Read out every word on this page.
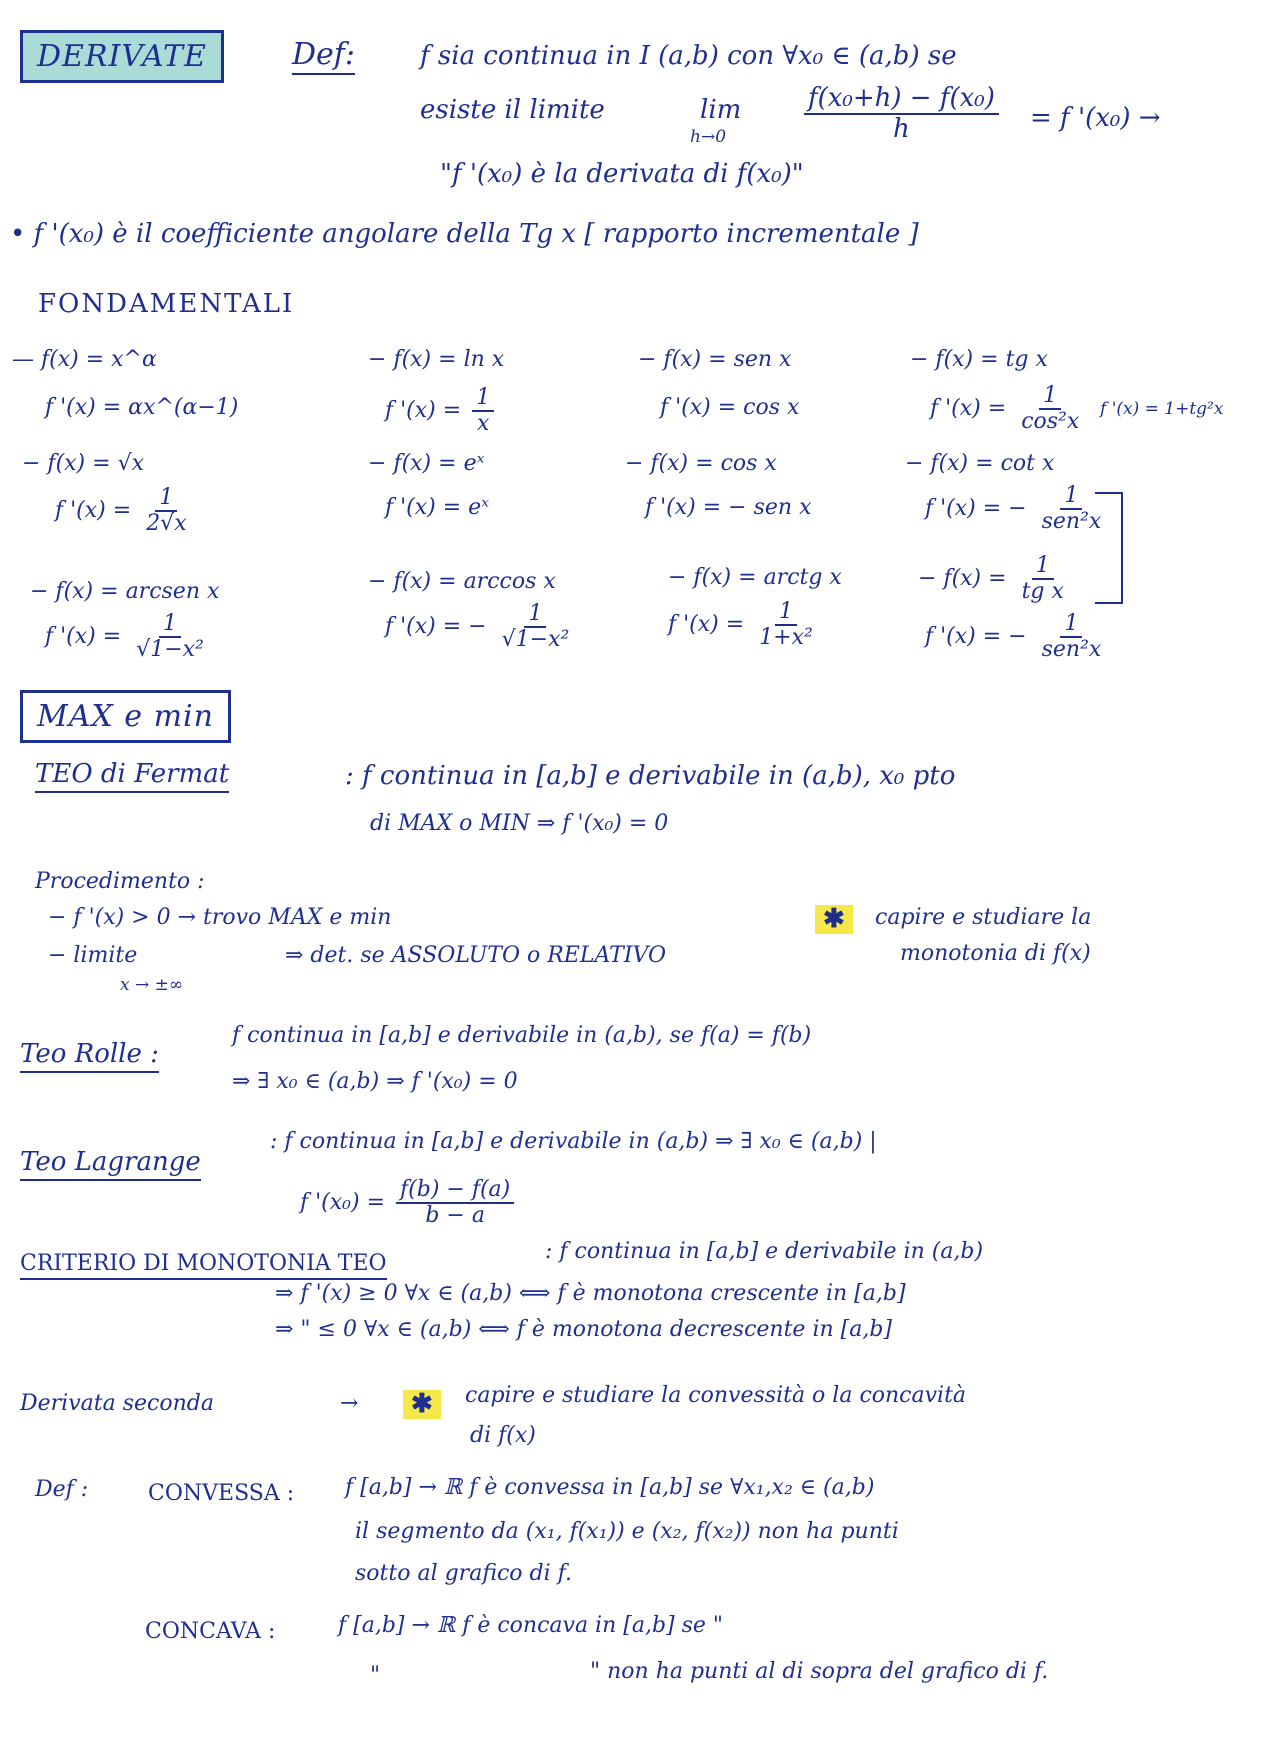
DERIVATE	Def: f sia continua in I (a,b) con ∀x₀ ∈ (a,b) se
esiste il limite	lim
h→0	$\frac{\text{f(x₀+h) − f(x₀)}}{h} = f$ '(x₀) →
"f '(x₀) è la derivata di f(x₀)"
• f '(x₀) è il coefficiente angolare della Tg x [ rapporto incrementale ]
FONDAMENTALI
— f(x) = x^α
f '(x) = αx^(α−1)
− f(x) = ln x
f '$(x) = \frac{1}{x}$
− f(x) = sen x
f '(x) = cos x
− f(x) = tg x
f '$(x) = \frac{1}{\text{cos²x}}$ f '(x) = 1+tg²x
− f(x) = √x
f '$(x) = \frac{1}{2√x}$
− f(x) = eˣ
f '(x) = eˣ
− f(x) = cos x
f '(x) = − sen x
− f(x) = cot x
f '(x) = − $\frac{1}{\text{sen²x}}$
− f(x) = arcsen x
f '$(x) = \frac{1}{\text{√1−x²}}$
− f(x) = arccos x
f '(x) = − $\frac{1}{\text{√1−x²}}$
− f(x) = arctg x
f '$(x) = \frac{1}{\text{1+x²}}$
− $f(x) = \frac{1}{\text{tg x}}$
f '(x) = − $\frac{1}{\text{sen²x}}$
MAX e min
TEO di Fermat	: f continua in [a,b] e derivabile in (a,b), x₀ pto
di MAX o MIN ⇒ f '(x₀) = 0
Procedimento :
− f '(x) > 0 → trovo MAX e min
− limite
x → ±∞
⇒ det. se ASSOLUTO o RELATIVO
✱	capire e studiare la
monotonia di f(x)
Teo Rolle :
f continua in [a,b] e derivabile in (a,b), se f(a) = f(b)
⇒ ∃ x₀ ∈ (a,b) ⇒ f '(x₀) = 0
Teo Lagrange
: f continua in [a,b] e derivabile in (a,b) ⇒ ∃ x₀ ∈ (a,b) |
f '$(x_0) = \frac{f(b) - f(a)}{b - a}$
CRITERIO DI MONOTONIA TEO	: f continua in [a,b] e derivabile in (a,b)
⇒ f '(x) ≥ 0 ∀x ∈ (a,b) ⟺ f è monotona crescente in [a,b]
⇒ " ≤ 0 ∀x ∈ (a,b) ⟺ f è monotona decrescente in [a,b]
Derivata seconda	→	✱	capire e studiare la convessità o la concavità
di f(x)
Def :	CONVESSA : f [a,b] → ℝ f è convessa in [a,b] se ∀x₁,x₂ ∈ (a,b)
il segmento da (x₁, f(x₁)) e (x₂, f(x₂)) non ha punti
sotto al grafico di f.
CONCAVA :	f [a,b] → ℝ f è concava in [a,b] se "
"	" non ha punti al di sopra del grafico di f.
